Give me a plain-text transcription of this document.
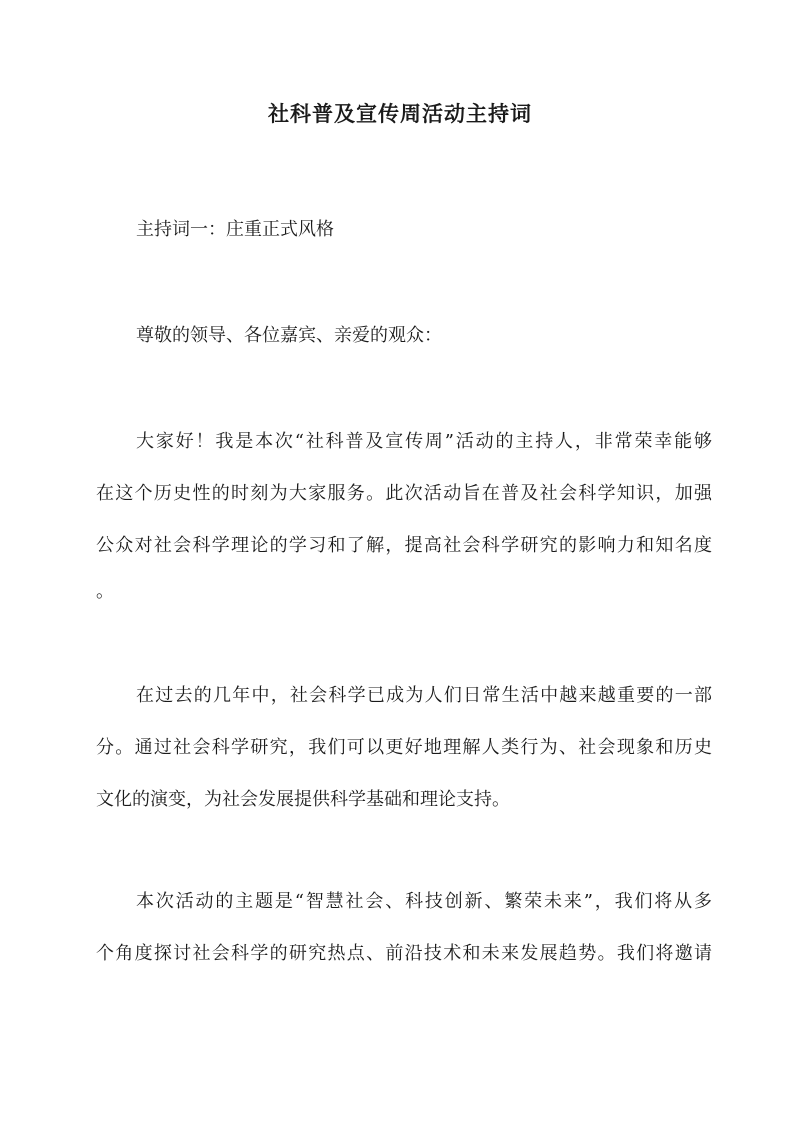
社科普及宣传周活动主持词
主持词一：庄重正式风格
尊敬的领导、各位嘉宾、亲爱的观众：
大家好！我是本次“社科普及宣传周”活动的主持人，非常荣幸能够
在这个历史性的时刻为大家服务。此次活动旨在普及社会科学知识，加强
公众对社会科学理论的学习和了解，提高社会科学研究的影响力和知名度
。
在过去的几年中，社会科学已成为人们日常生活中越来越重要的一部
分。通过社会科学研究，我们可以更好地理解人类行为、社会现象和历史
文化的演变，为社会发展提供科学基础和理论支持。
本次活动的主题是“智慧社会、科技创新、繁荣未来”，我们将从多
个角度探讨社会科学的研究热点、前沿技术和未来发展趋势。我们将邀请
